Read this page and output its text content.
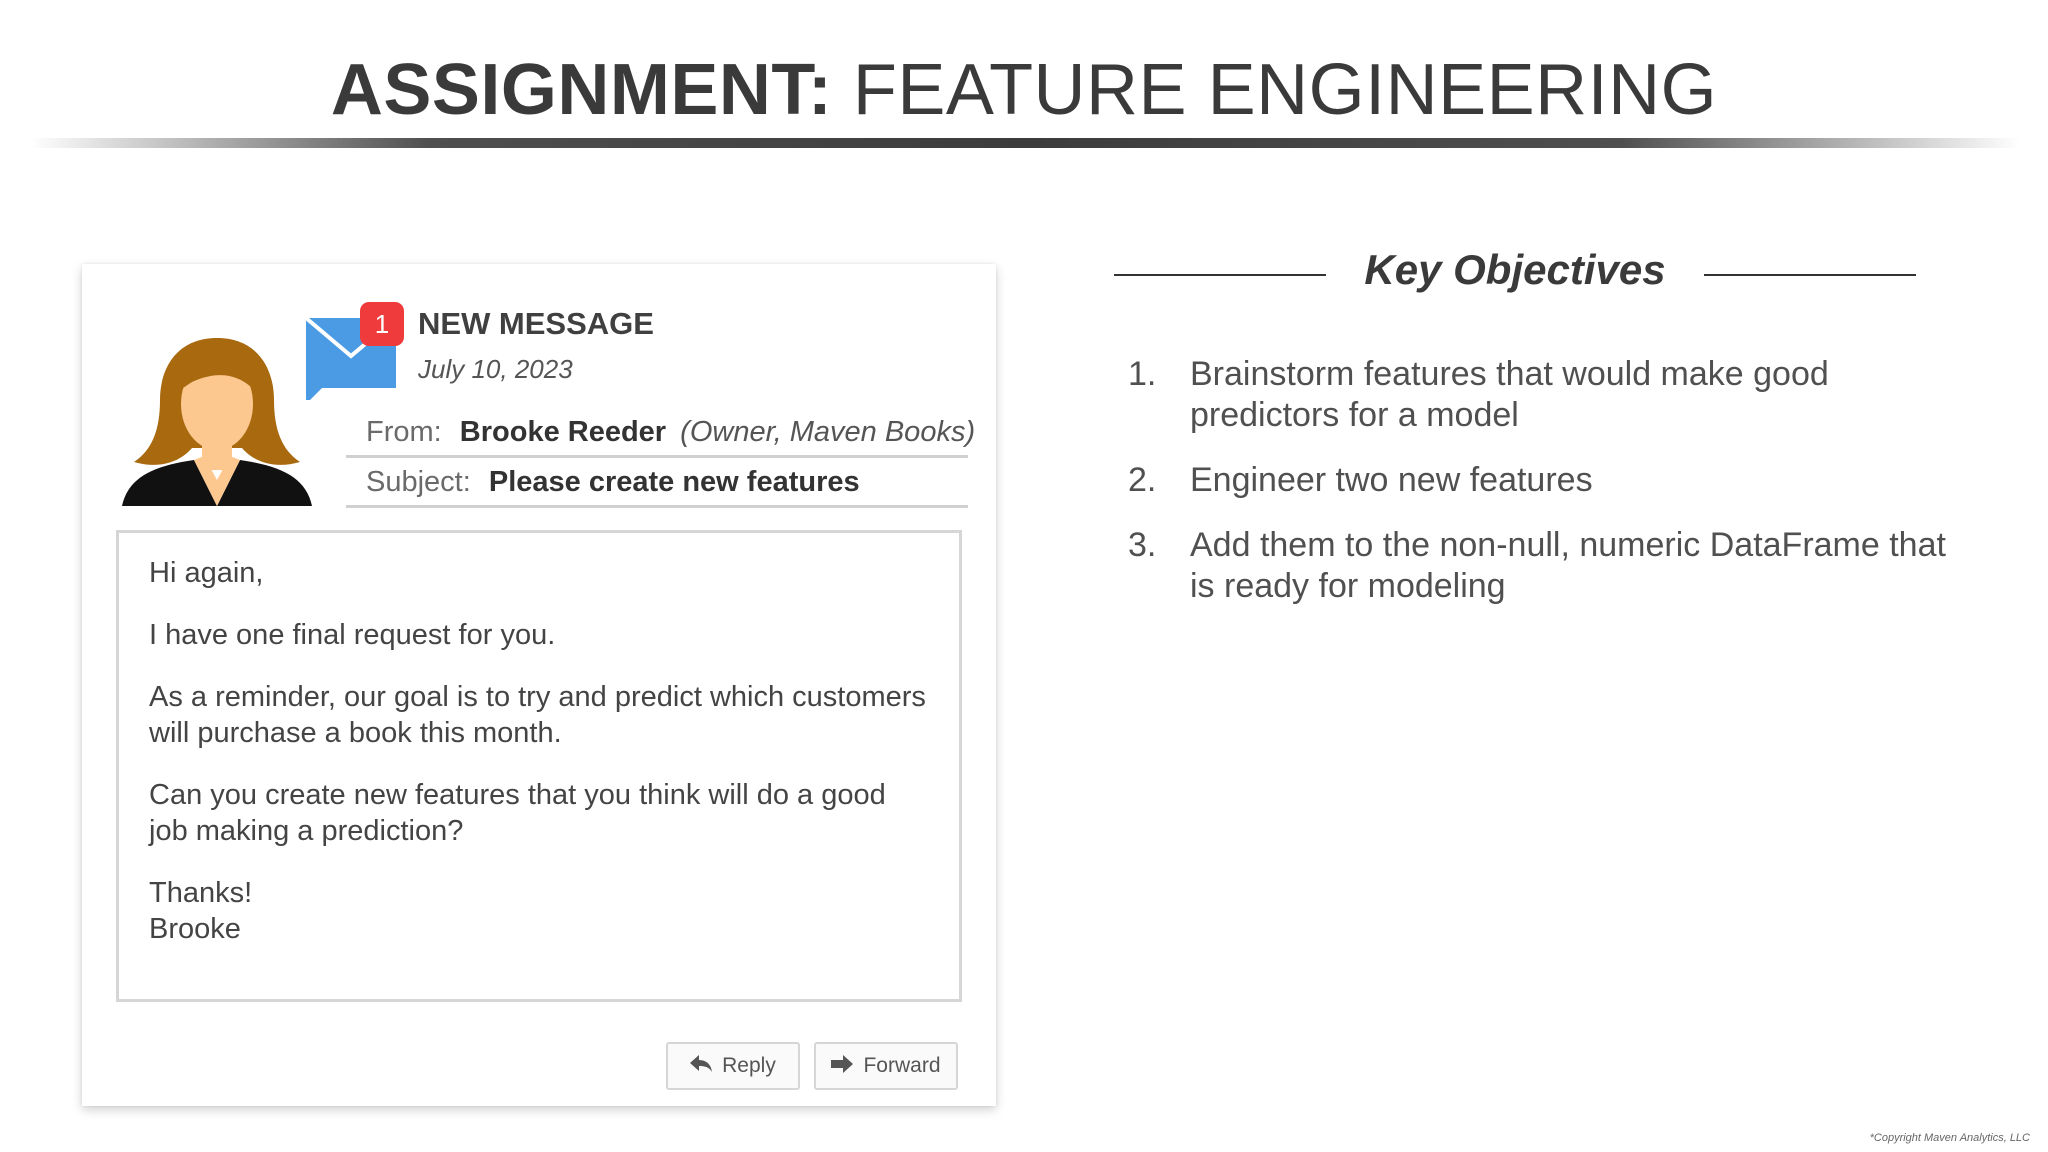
ASSIGNMENT: FEATURE ENGINEERING
1 NEW MESSAGE
July 10, 2023
From: Brooke Reeder (Owner, Maven Books)
Subject: Please create new features

Hi again,

I have one final request for you.

As a reminder, our goal is to try and predict which customers will purchase a book this month.

Can you create new features that you think will do a good job making a prediction?

Thanks!

Brooke

Reply	Forward
Key Objectives
1. Brainstorm features that would make good predictors for a model
2. Engineer two new features
3. Add them to the non-null, numeric DataFrame that is ready for modeling
*Copyright Maven Analytics, LLC
